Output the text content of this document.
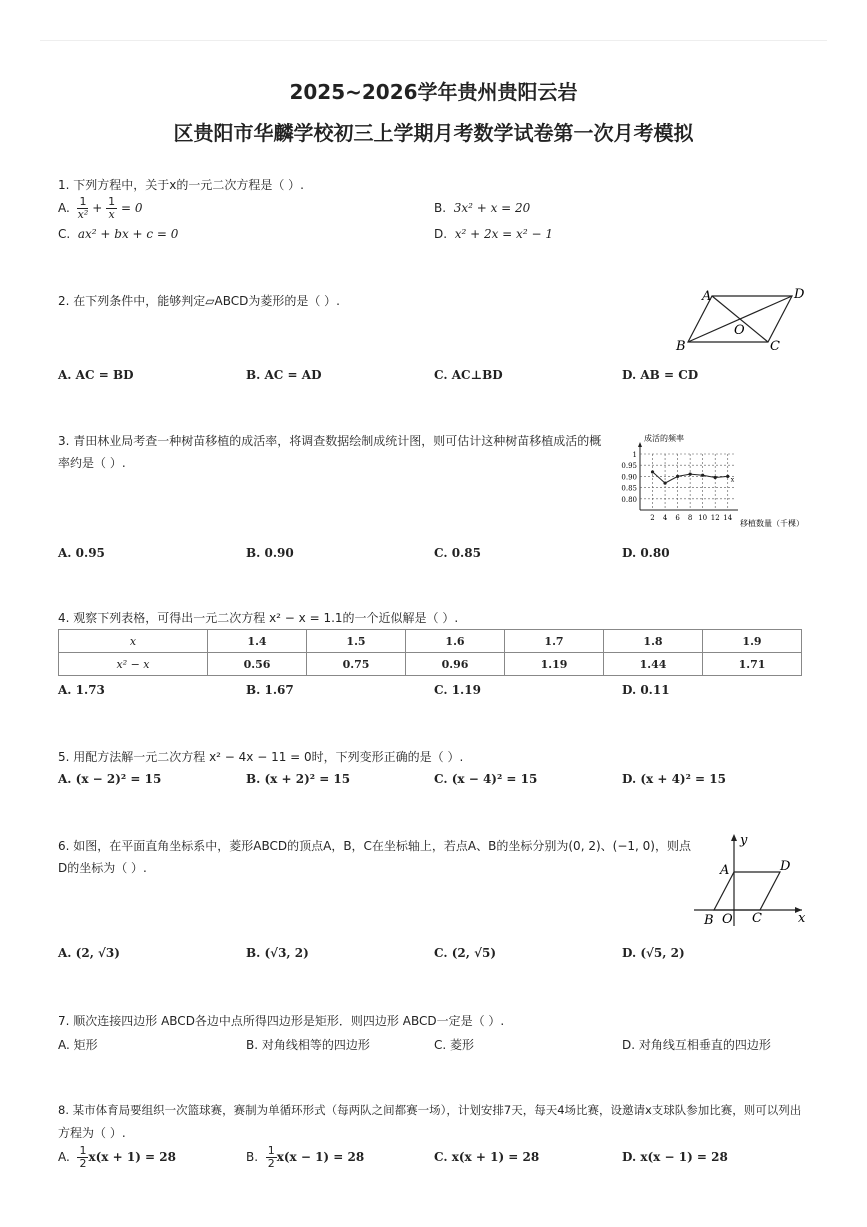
2025~2026学年贵州贵阳云岩
区贵阳市华麟学校初三上学期月考数学试卷第一次月考模拟
1. 下列方程中，关于x的一元二次方程是（ ）.
A. $\frac{1}{\text{x²}} + \frac{1}{x} = 0$	B. 3x² + x = 20
C. ax² + bx + c = 0	D. x² + 2x = x² − 1
2. 在下列条件中，能够判定▱ABCD为菱形的是（ ）.	A	D
B	C
O
A. AC = BD	B. AC = AD	C. AC⊥BD	D. AB = CD
3. 青田林业局考查一种树苗移植的成活率，将调查数据绘制成统计图，则可估计这种树苗移植成活的概率约是（ ）.
成活的频率
移植数量（千棵）
1
0.95
0.90
0.85
0.80
2 4 6 8 10 12 14
x
A. 0.95	B. 0.90	C. 0.85	D. 0.80
4. 观察下列表格，可得出一元二次方程 x² − x = 1.1的一个近似解是（ ）.
x	1.4	1.5	1.6	1.7	1.8	1.9
x² − x	0.56	0.75	0.96	1.19	1.44	1.71
A. 1.73	B. 1.67	C. 1.19	D. 0.11
5. 用配方法解一元二次方程 x² − 4x − 11 = 0时，下列变形正确的是（ ）.
A. (x − 2)² = 15	B. (x + 2)² = 15	C. (x − 4)² = 15	D. (x + 4)² = 15
6. 如图，在平面直角坐标系中，菱形ABCD的顶点A，B，C在坐标轴上，若点A、B的坐标分别为(0, 2)、(−1, 0)，则点
D的坐标为（ ）.
y
x
A	D
B O C
A. (2, √3)	B. (√3, 2)	C. (2, √5)	D. (√5, 2)
7. 顺次连接四边形 ABCD各边中点所得四边形是矩形．则四边形 ABCD一定是（ ）.
A. 矩形	B. 对角线相等的四边形	C. 菱形	D. 对角线互相垂直的四边形
8. 某市体育局要组织一次篮球赛，赛制为单循环形式（每两队之间都赛一场），计划安排7天，每天4场比赛，设邀请x支球队参加比赛，则可以列出
方程为（ ）.
A. $\frac{1}{2} x(x + 1) = 28$	B. $\frac{1}{2} x(x - 1) = 28$	C. x(x + 1) = 28	D. x(x − 1) = 28
